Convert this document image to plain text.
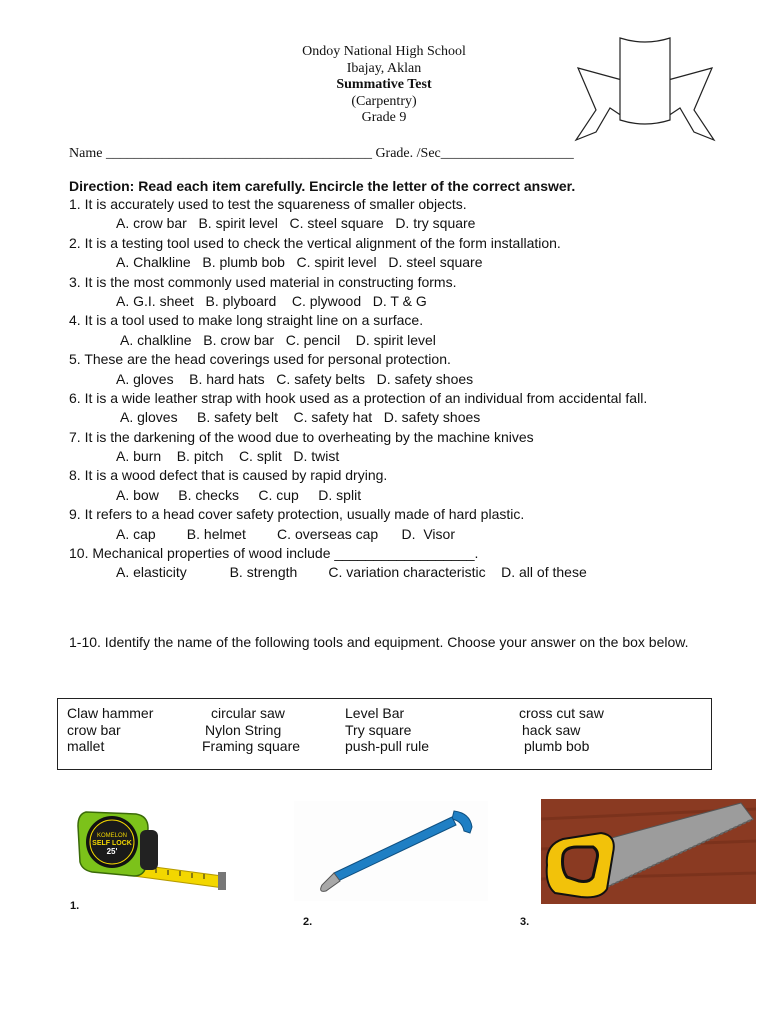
Ondoy National High School
Ibajay, Aklan
Summative Test
(Carpentry)
Grade 9
Name ______________________________________ Grade. /Sec___________________
Direction: Read each item carefully. Encircle the letter of the correct answer.
1. It is accurately used to test the squareness of smaller objects.
A. crow bar   B. spirit level   C. steel square   D. try square
2. It is a testing tool used to check the vertical alignment of the form installation.
A. Chalkline   B. plumb bob   C. spirit level   D. steel square
3. It is the most commonly used material in constructing forms.
A. G.I. sheet   B. plyboard    C. plywood   D. T & G
4. It is a tool used to make long straight line on a surface.
A. chalkline   B. crow bar   C. pencil    D. spirit level
5. These are the head coverings used for personal protection.
A. gloves    B. hard hats   C. safety belts   D. safety shoes
6. It is a wide leather strap with hook used as a protection of an individual from accidental fall.
A. gloves     B. safety belt    C. safety hat   D. safety shoes
7. It is the darkening of the wood due to overheating by the machine knives
A. burn    B. pitch    C. split   D. twist
8. It is a wood defect that is caused by rapid drying.
A. bow     B. checks     C. cup     D. split
9. It refers to a head cover safety protection, usually made of hard plastic.
A. cap        B. helmet        C. overseas cap      D.  Visor
10. Mechanical properties of wood include __________________.
A. elasticity           B. strength        C. variation characteristic    D. all of these
1-10. Identify the name of the following tools and equipment. Choose your answer on the box below.
Claw hammer	circular saw	Level Bar	cross cut saw
crow bar	Nylon String	Try square	hack saw
mallet	Framing square	push-pull rule	plumb bob
KOMELON
SELF LOCK
25'
1.
2.	3.
